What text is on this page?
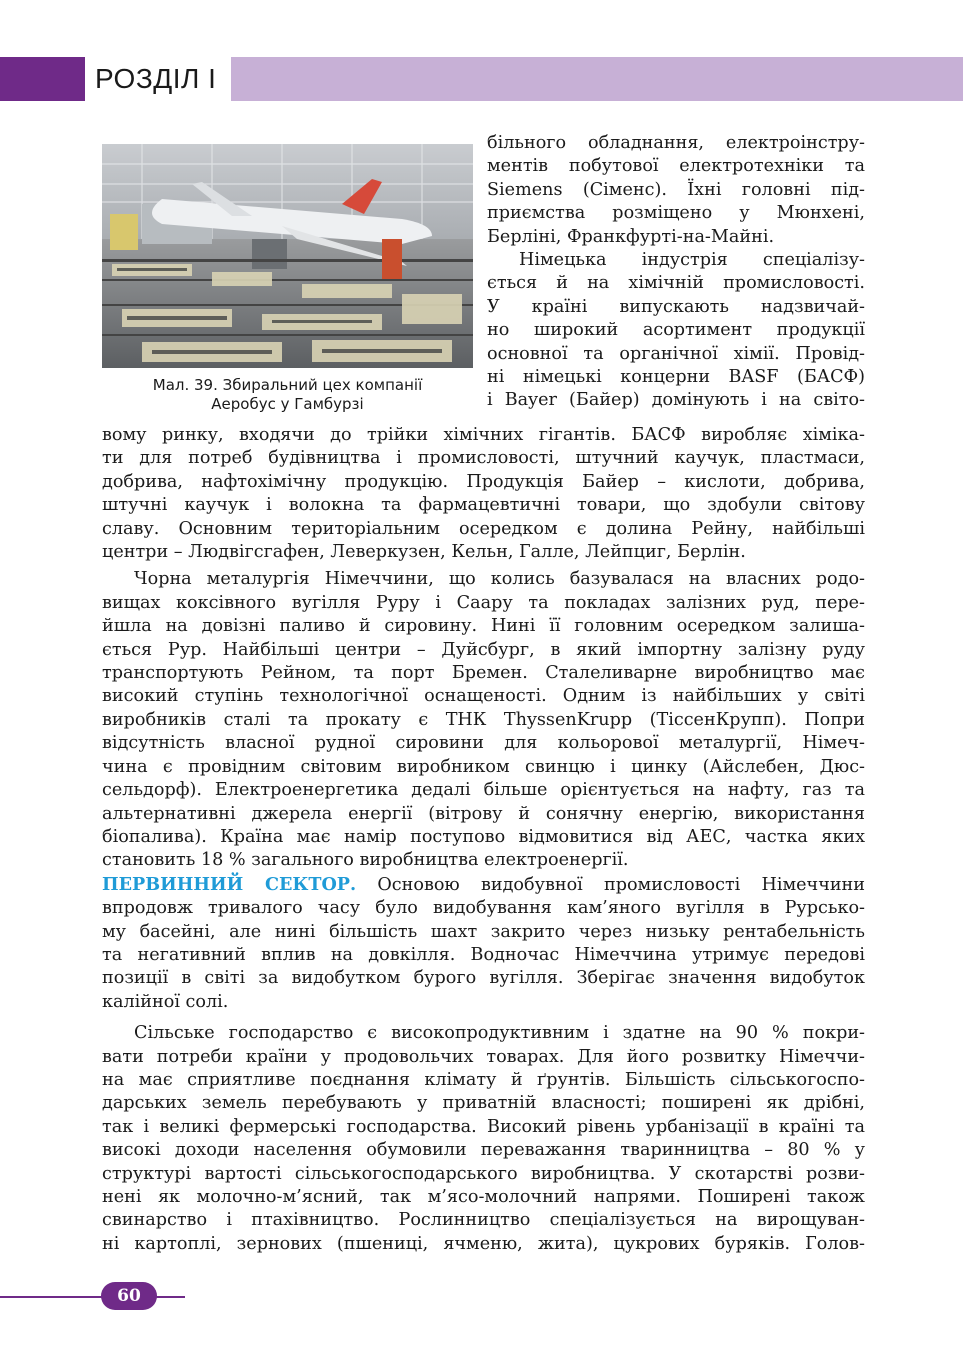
РОЗДІЛ І
Мал. 39. Збиральний цех компанії
Аеробус у Гамбурзі

більного обладнання, електроінстру-
ментів побутової електротехніки та
Siemens (Сіменс). Їхні головні під-
приємства розміщено у Мюнхені,
Берліні, Франкфурті-на-Майні.

Німецька індустрія спеціалізу-
ється й на хімічній промисловості.
У країні випускають надзвичай-
но широкий асортимент продукції
основної та органічної хімії. Провід-
ні німецькі концерни BASF (БАСФ)
і Bayer (Байер) домінують і на світо-

вому ринку, входячи до трійки хімічних гігантів. БАСФ виробляє хіміка-
ти для потреб будівництва і промисловості, штучний каучук, пластмаси,
добрива, нафтохімічну продукцію. Продукція Байер – кислоти, добрива,
штучні каучук і волокна та фармацевтичні товари, що здобули світову
славу. Основним територіальним осередком є долина Рейну, найбільші
центри – Людвігсгафен, Леверкузен, Кельн, Галле, Лейпциг, Берлін.

Чорна металургія Німеччини, що колись базувалася на власних родо-
вищах коксівного вугілля Руру і Саару та покладах залізних руд, пере-
йшла на довізні паливо й сировину. Нині її головним осередком залиша-
ється Рур. Найбільші центри – Дуйсбург, в який імпортну залізну руду
транспортують Рейном, та порт Бремен. Сталеливарне виробництво має
високий ступінь технологічної оснащеності. Одним із найбільших у світі
виробників сталі та прокату є ТНК ThyssenKrupp (ТіссенКрупп). Попри
відсутність власної рудної сировини для кольорової металургії, Німеч-
чина є провідним світовим виробником свинцю і цинку (Айслебен, Дюс-
сельдорф). Електроенергетика дедалі більше орієнтується на нафту, газ та
альтернативні джерела енергії (вітрову й сонячну енергію, використання
біопалива). Країна має намір поступово відмовитися від АЕС, частка яких
становить 18 % загального виробництва електроенергії.

ПЕРВИННИЙ СЕКТОР. Основою видобувної промисловості Німеччини
впродовж тривалого часу було видобування кам’яного вугілля в Рурсько-
му басейні, але нині більшість шахт закрито через низьку рентабельність
та негативний вплив на довкілля. Водночас Німеччина утримує передові
позиції в світі за видобутком бурого вугілля. Зберігає значення видобуток
калійної солі.

Сільське господарство є високопродуктивним і здатне на 90 % покри-
вати потреби країни у продовольчих товарах. Для його розвитку Німеччи-
на має сприятливе поєднання клімату й ґрунтів. Більшість сільськогоспо-
дарських земель перебувають у приватній власності; поширені як дрібні,
так і великі фермерські господарства. Високий рівень урбанізації в країні та
високі доходи населення обумовили переважання тваринництва – 80 % у
структурі вартості сільськогосподарського виробництва. У скотарстві розви-
нені як молочно-м’ясний, так м’ясо-молочний напрями. Поширені також
свинарство і птахівництво. Рослинництво спеціалізується на вирощуван-
ні картоплі, зернових (пшениці, ячменю, жита), цукрових буряків. Голов-

60
